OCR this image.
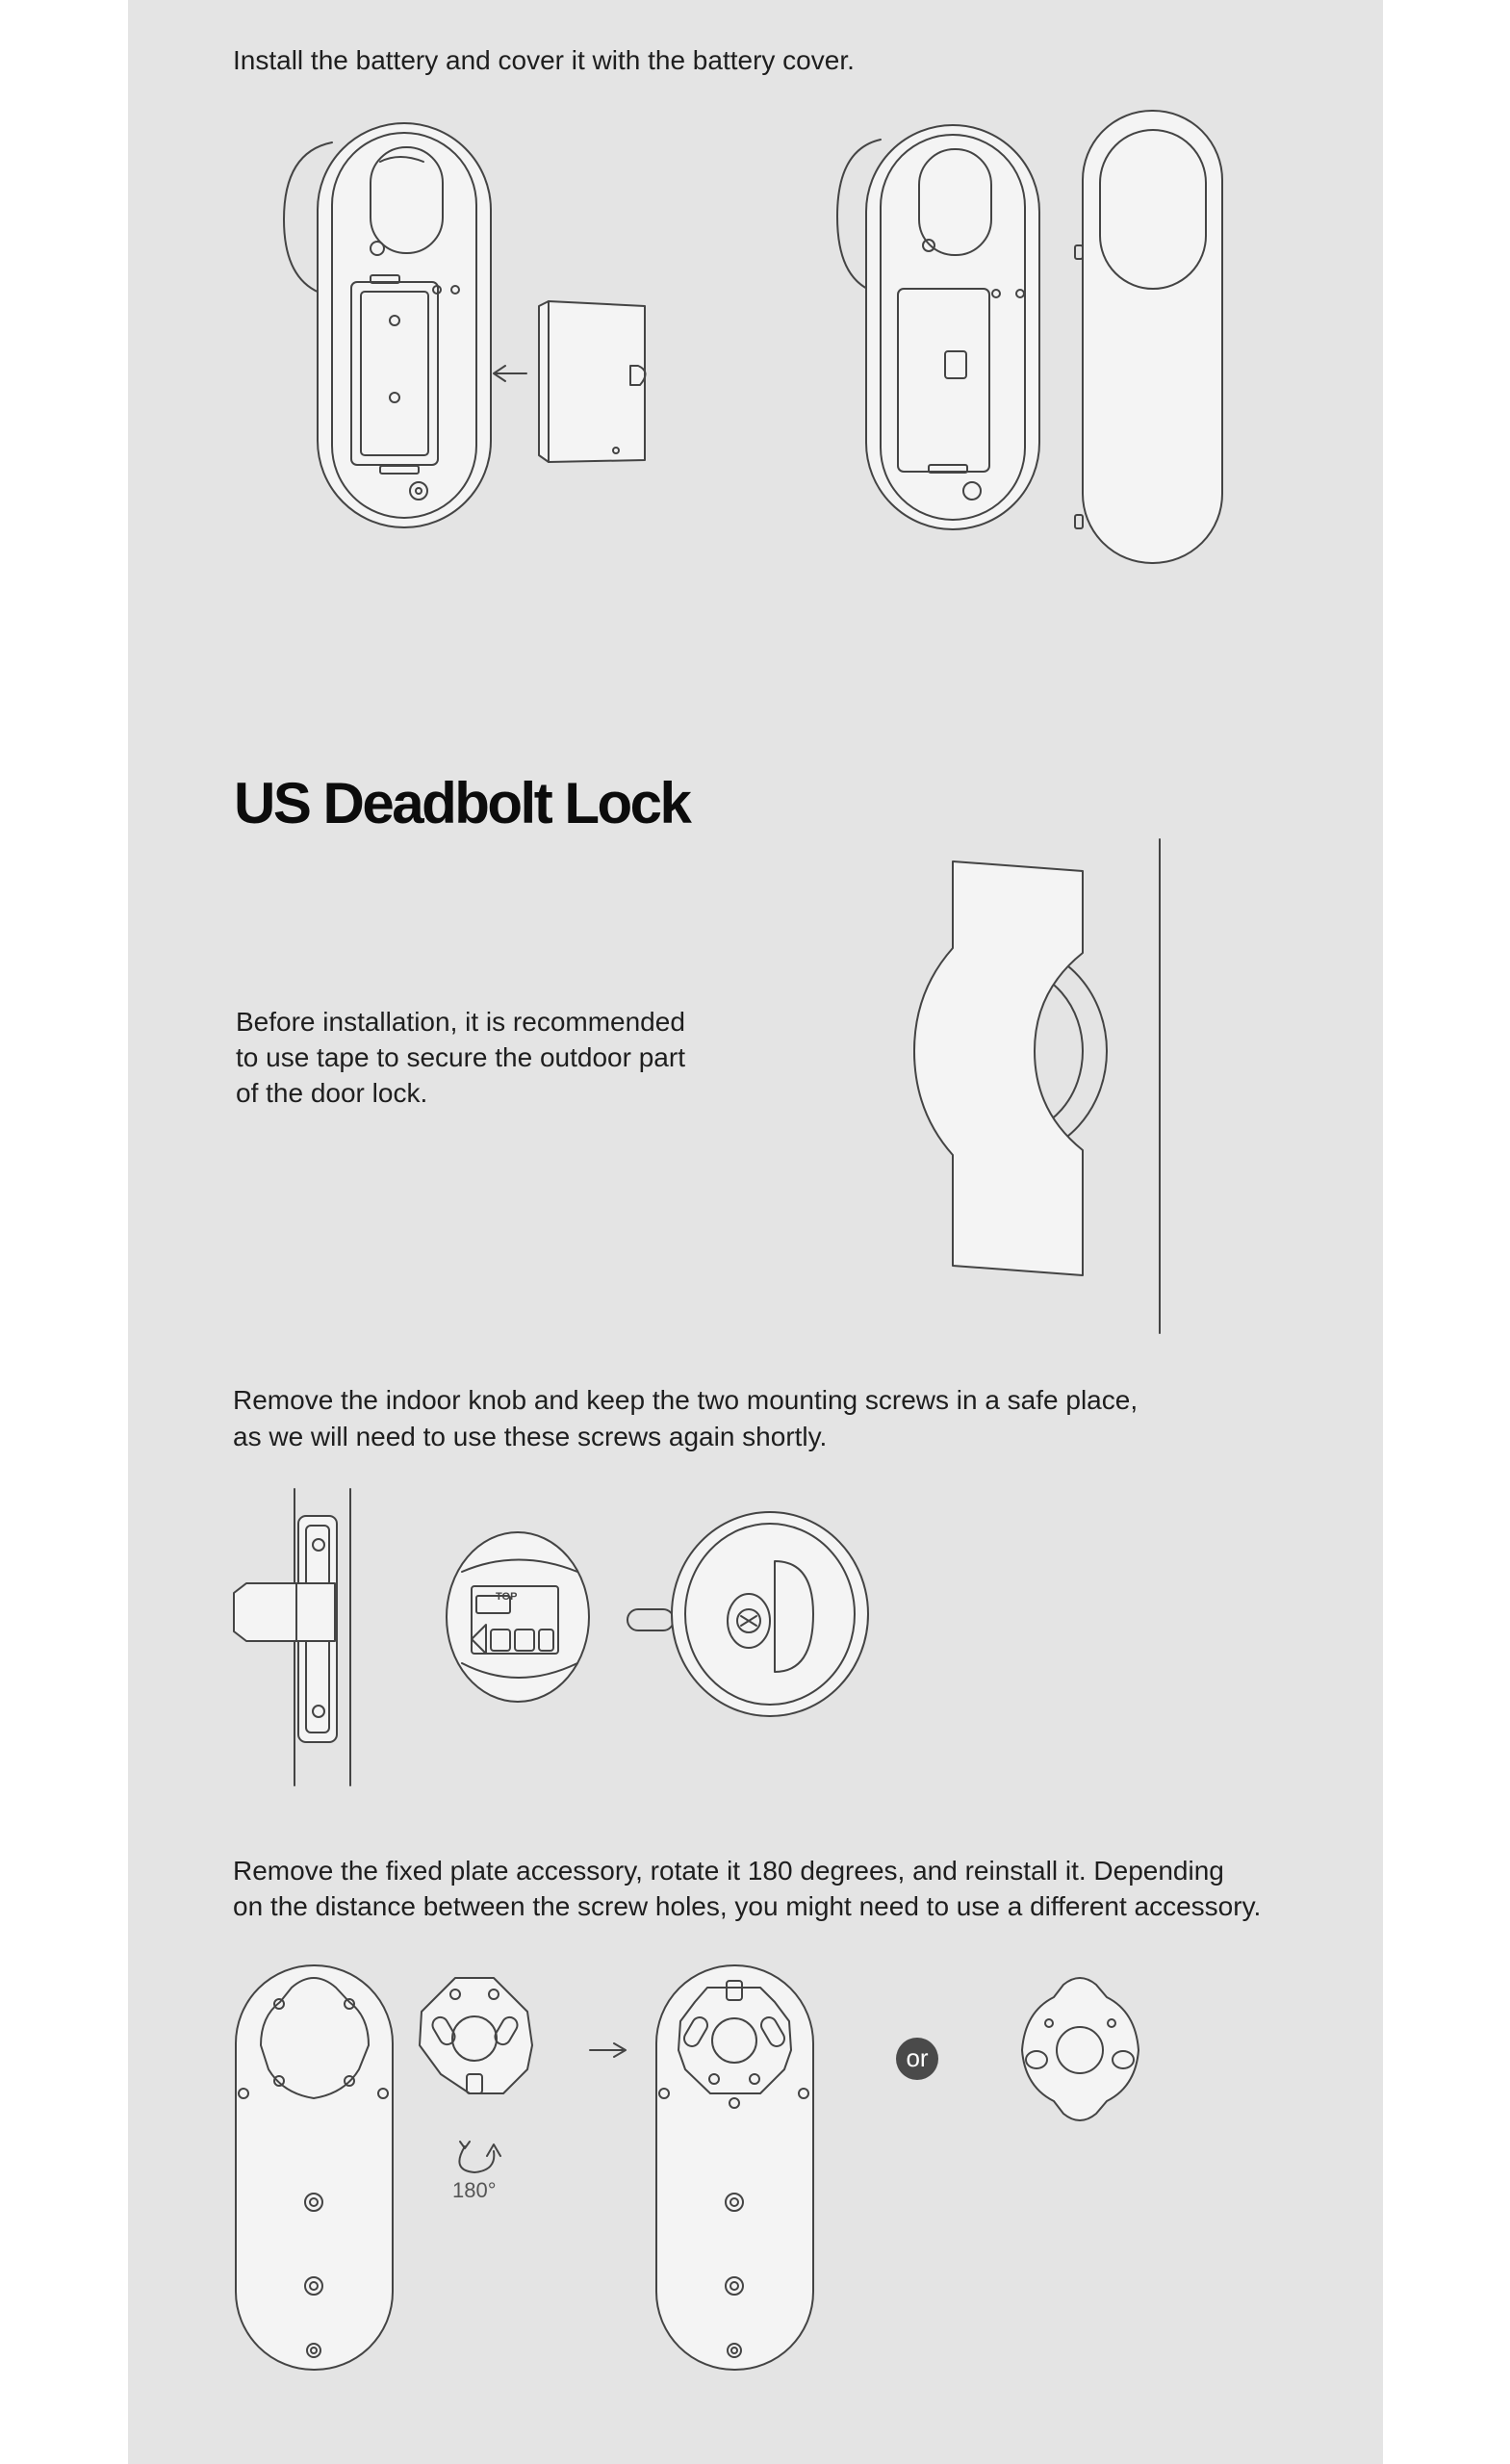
Install the battery and cover it with the battery cover.

US Deadbolt Lock

Before installation, it is recommended

to use tape to secure the outdoor part

of the door lock.

Remove the indoor knob and keep the two mounting screws in a safe place,

as we will need to use these screws again shortly.

TOP

Remove the fixed plate accessory, rotate it 180 degrees, and reinstall it. Depending

on the distance between the screw holes, you might need to use a different accessory.

180°
or
